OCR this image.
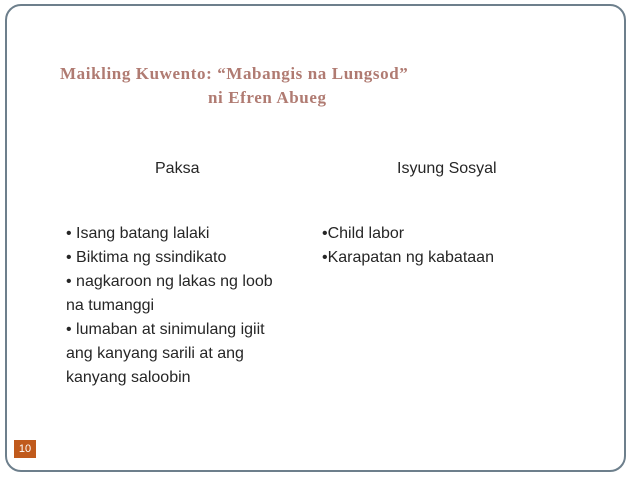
Maikling Kuwento: “Mabangis na Lungsod”
ni Efren Abueg
Paksa	Isyung Sosyal
• Isang batang lalaki
• Biktima ng ssindikato
• nagkaroon ng lakas ng loob
na tumanggi
• lumaban at sinimulang igiit
ang kanyang sarili at ang
kanyang saloobin
•Child labor
•Karapatan ng kabataan
10
